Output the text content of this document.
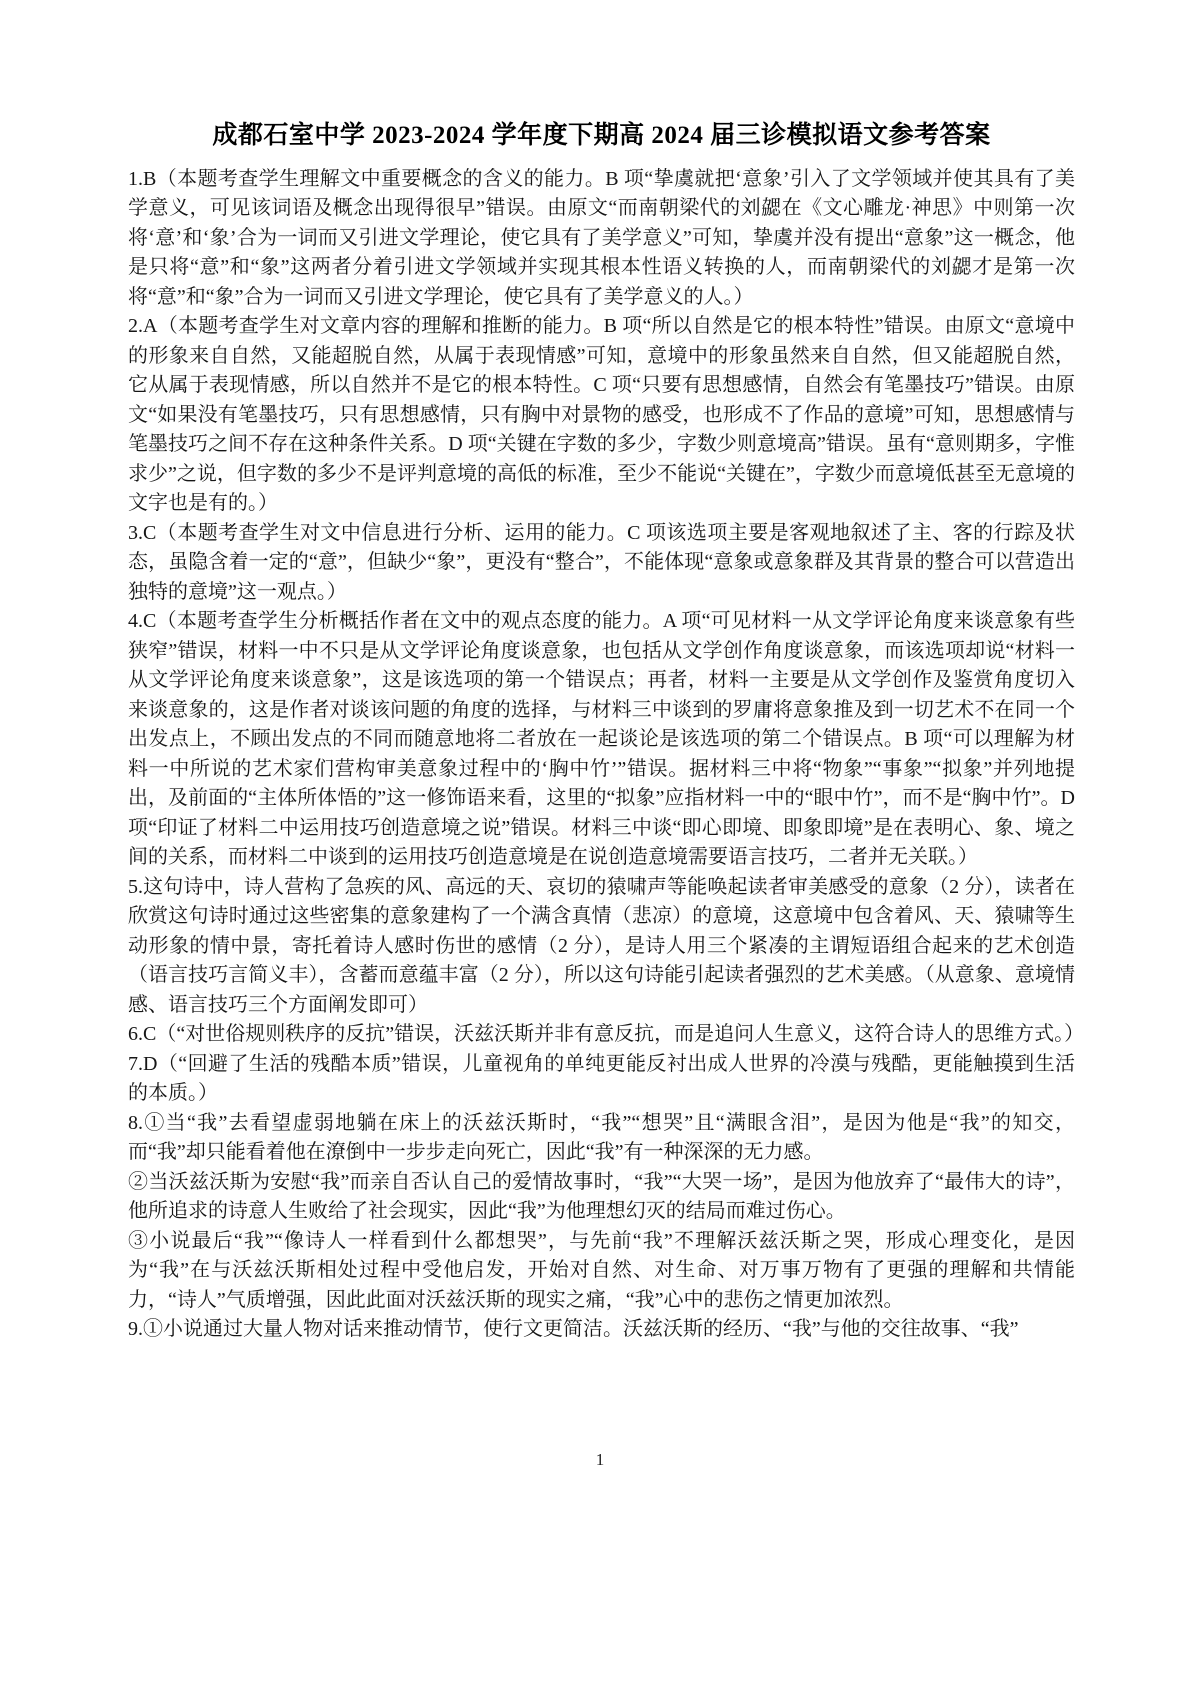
成都石室中学 2023-2024 学年度下期高 2024 届三诊模拟语文参考答案

1.B（本题考查学生理解文中重要概念的含义的能力。B 项“挚虞就把‘意象’引入了文学领域并使其具有了美学意义，可见该词语及概念出现得很早”错误。由原文“而南朝梁代的刘勰在《文心雕龙·神思》中则第一次将‘意’和‘象’合为一词而又引进文学理论，使它具有了美学意义”可知，挚虞并没有提出“意象”这一概念，他是只将“意”和“象”这两者分着引进文学领域并实现其根本性语义转换的人，而南朝梁代的刘勰才是第一次将“意”和“象”合为一词而又引进文学理论，使它具有了美学意义的人。）

2.A（本题考查学生对文章内容的理解和推断的能力。B 项“所以自然是它的根本特性”错误。由原文“意境中的形象来自自然，又能超脱自然，从属于表现情感”可知，意境中的形象虽然来自自然，但又能超脱自然，它从属于表现情感，所以自然并不是它的根本特性。C 项“只要有思想感情，自然会有笔墨技巧”错误。由原文“如果没有笔墨技巧，只有思想感情，只有胸中对景物的感受，也形成不了作品的意境”可知，思想感情与笔墨技巧之间不存在这种条件关系。D 项“关键在字数的多少，字数少则意境高”错误。虽有“意则期多，字惟求少”之说，但字数的多少不是评判意境的高低的标准，至少不能说“关键在”，字数少而意境低甚至无意境的文字也是有的。）

3.C（本题考查学生对文中信息进行分析、运用的能力。C 项该选项主要是客观地叙述了主、客的行踪及状态，虽隐含着一定的“意”，但缺少“象”，更没有“整合”，不能体现“意象或意象群及其背景的整合可以营造出独特的意境”这一观点。）

4.C（本题考查学生分析概括作者在文中的观点态度的能力。A 项“可见材料一从文学评论角度来谈意象有些狭窄”错误，材料一中不只是从文学评论角度谈意象，也包括从文学创作角度谈意象，而该选项却说“材料一从文学评论角度来谈意象”，这是该选项的第一个错误点；再者，材料一主要是从文学创作及鉴赏角度切入来谈意象的，这是作者对谈该问题的角度的选择，与材料三中谈到的罗庸将意象推及到一切艺术不在同一个出发点上，不顾出发点的不同而随意地将二者放在一起谈论是该选项的第二个错误点。B 项“可以理解为材料一中所说的艺术家们营构审美意象过程中的‘胸中竹’”错误。据材料三中将“物象”“事象”“拟象”并列地提出，及前面的“主体所体悟的”这一修饰语来看，这里的“拟象”应指材料一中的“眼中竹”，而不是“胸中竹”。D 项“印证了材料二中运用技巧创造意境之说”错误。材料三中谈“即心即境、即象即境”是在表明心、象、境之间的关系，而材料二中谈到的运用技巧创造意境是在说创造意境需要语言技巧，二者并无关联。）

5.这句诗中，诗人营构了急疾的风、高远的天、哀切的猿啸声等能唤起读者审美感受的意象（2 分），读者在欣赏这句诗时通过这些密集的意象建构了一个满含真情（悲凉）的意境，这意境中包含着风、天、猿啸等生动形象的情中景，寄托着诗人感时伤世的感情（2 分），是诗人用三个紧凑的主谓短语组合起来的艺术创造（语言技巧言简义丰），含蓄而意蕴丰富（2 分），所以这句诗能引起读者强烈的艺术美感。（从意象、意境情感、语言技巧三个方面阐发即可）

6.C（“对世俗规则秩序的反抗”错误，沃兹沃斯并非有意反抗，而是追问人生意义，这符合诗人的思维方式。）

7.D（“回避了生活的残酷本质”错误，儿童视角的单纯更能反衬出成人世界的冷漠与残酷，更能触摸到生活的本质。）

8.①当“我”去看望虚弱地躺在床上的沃兹沃斯时，“我”“想哭”且“满眼含泪”，是因为他是“我”的知交，而“我”却只能看着他在潦倒中一步步走向死亡，因此“我”有一种深深的无力感。

②当沃兹沃斯为安慰“我”而亲自否认自己的爱情故事时，“我”“大哭一场”，是因为他放弃了“最伟大的诗”，他所追求的诗意人生败给了社会现实，因此“我”为他理想幻灭的结局而难过伤心。

③小说最后“我”“像诗人一样看到什么都想哭”，与先前“我”不理解沃兹沃斯之哭，形成心理变化，是因为“我”在与沃兹沃斯相处过程中受他启发，开始对自然、对生命、对万事万物有了更强的理解和共情能力，“诗人”气质增强，因此此面对沃兹沃斯的现实之痛，“我”心中的悲伤之情更加浓烈。

9.①小说通过大量人物对话来推动情节，使行文更简洁。沃兹沃斯的经历、“我”与他的交往故事、“我”

1
